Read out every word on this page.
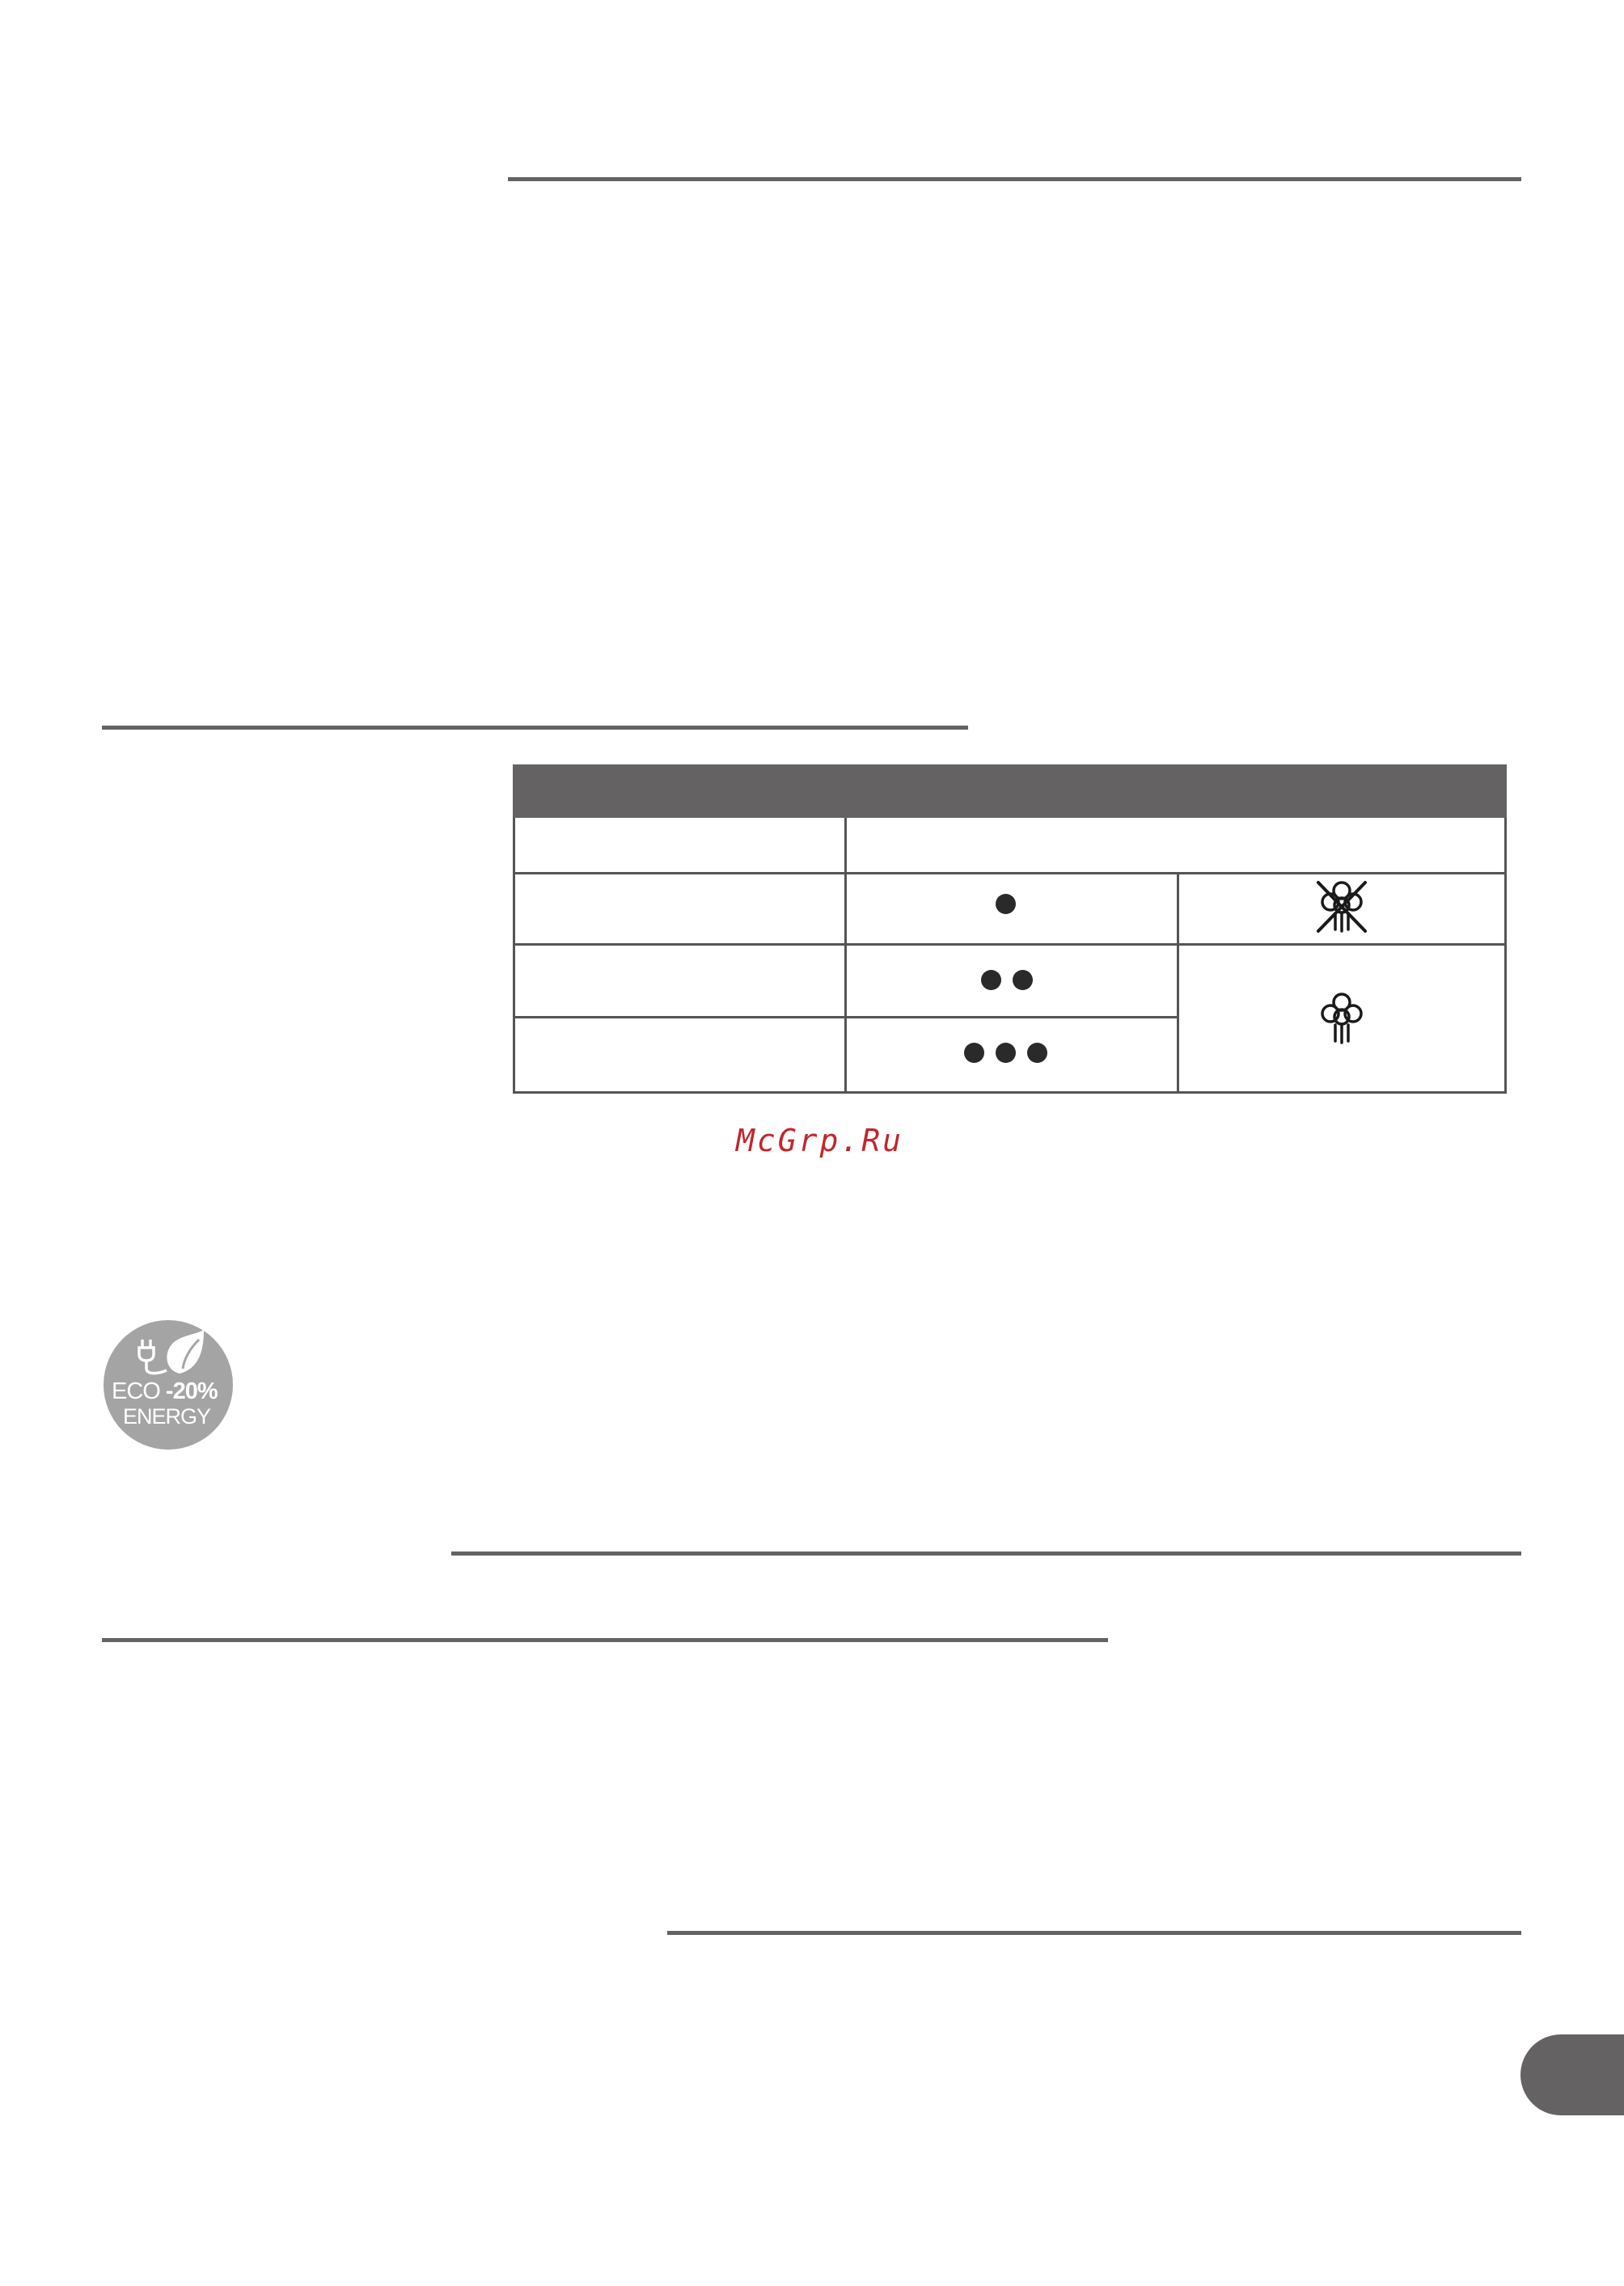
McGrp.Ru
ECO -20%
ENERGY
